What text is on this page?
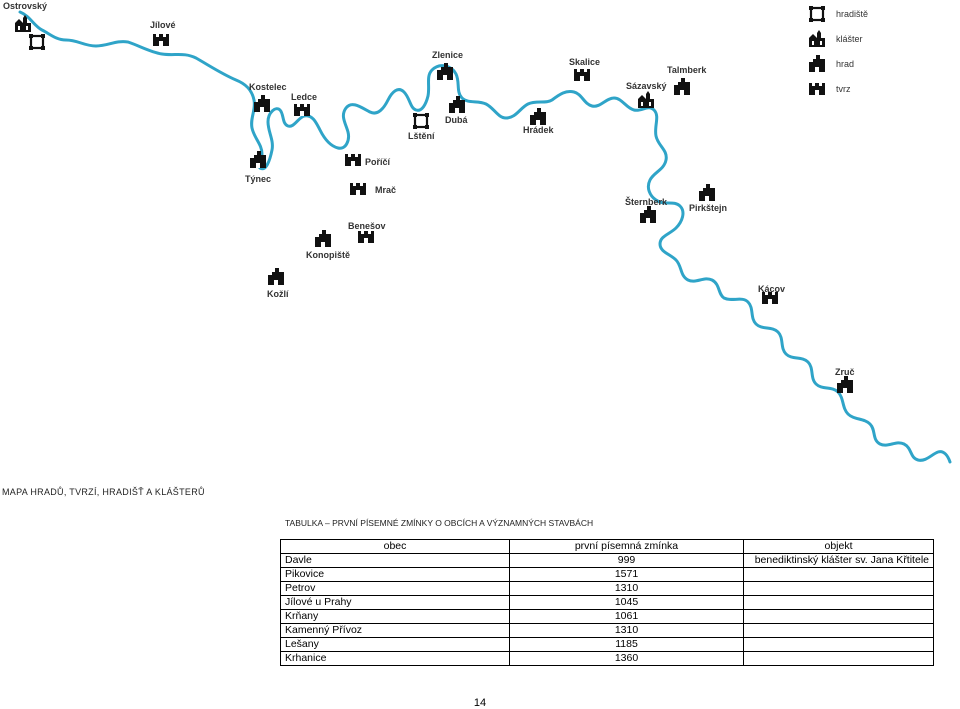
Ostrovský
Jílové
Kostelec
Ledce
Týnec
Poříčí
Mrač
Zlenice
Lštění
Dubá
Skalice
Hrádek
Sázavský
Talmberk
Benešov
Konopiště
Kožlí
Šternberk
Pirkštejn
Kácov
Zruč
hradiště
klášter
hrad
tvrz
MAPA HRADŮ, TVRZÍ, HRADIŠŤ A KLÁŠTERŮ
TABULKA – PRVNÍ PÍSEMNÉ ZMÍNKY O OBCÍCH A VÝZNAMNÝCH STAVBÁCH
obec	první písemná zmínka	objekt
Davle	999	benediktinský klášter sv. Jana Křtitele
Pikovice	1571	
Petrov	1310	
Jílové u Prahy	1045	
Krňany	1061	
Kamenný Přívoz	1310	
Lešany	1185	
Krhanice	1360	
14
